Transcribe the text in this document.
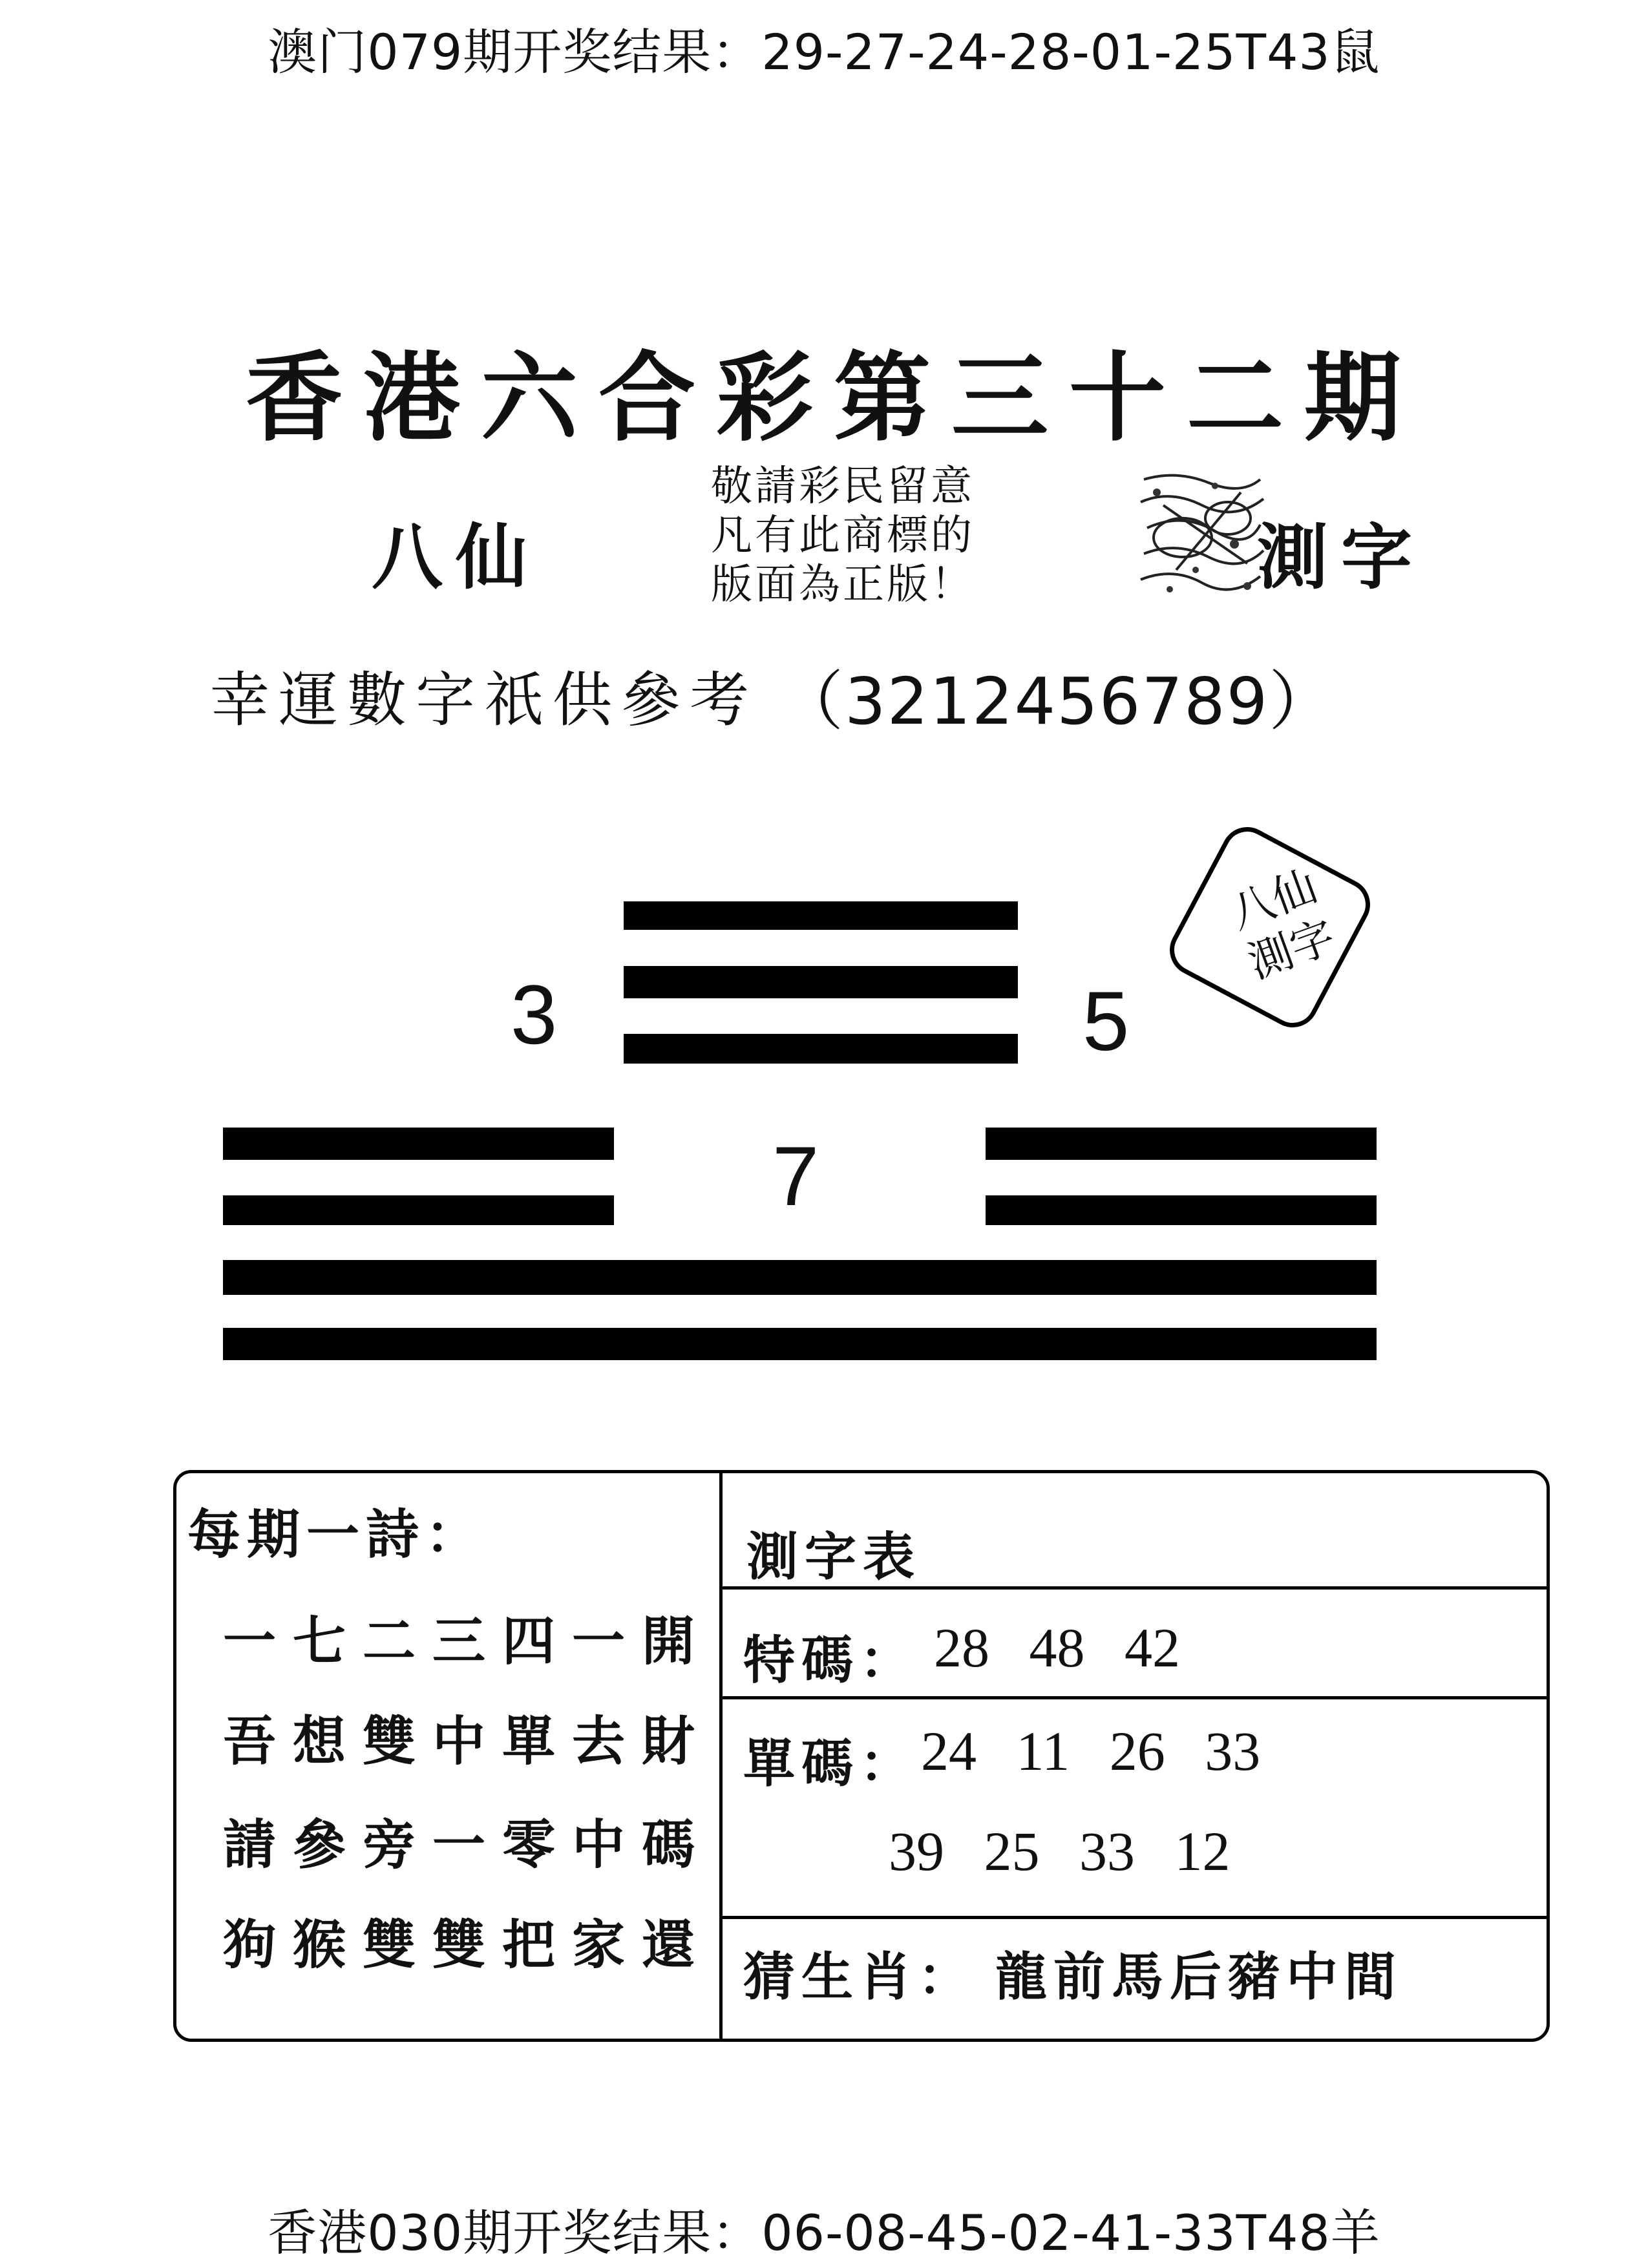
澳门079期开奖结果：29-27-24-28-01-25T43鼠
香港六合彩第三十二期
八仙
敬請彩民留意
凡有此商標的
版面為正版！	測字
幸運數字祇供參考 （3212456789）
3	5
7
八仙
測字
每期一詩：
一七二三四一開
吾想雙中單去財
請參旁一零中碼
狗猴雙雙把家還
測字表
特碼： 28 48 42
單碼： 24 11 26 33
39 25 33 12
猜生肖： 龍前馬后豬中間
香港030期开奖结果：06-08-45-02-41-33T48羊
